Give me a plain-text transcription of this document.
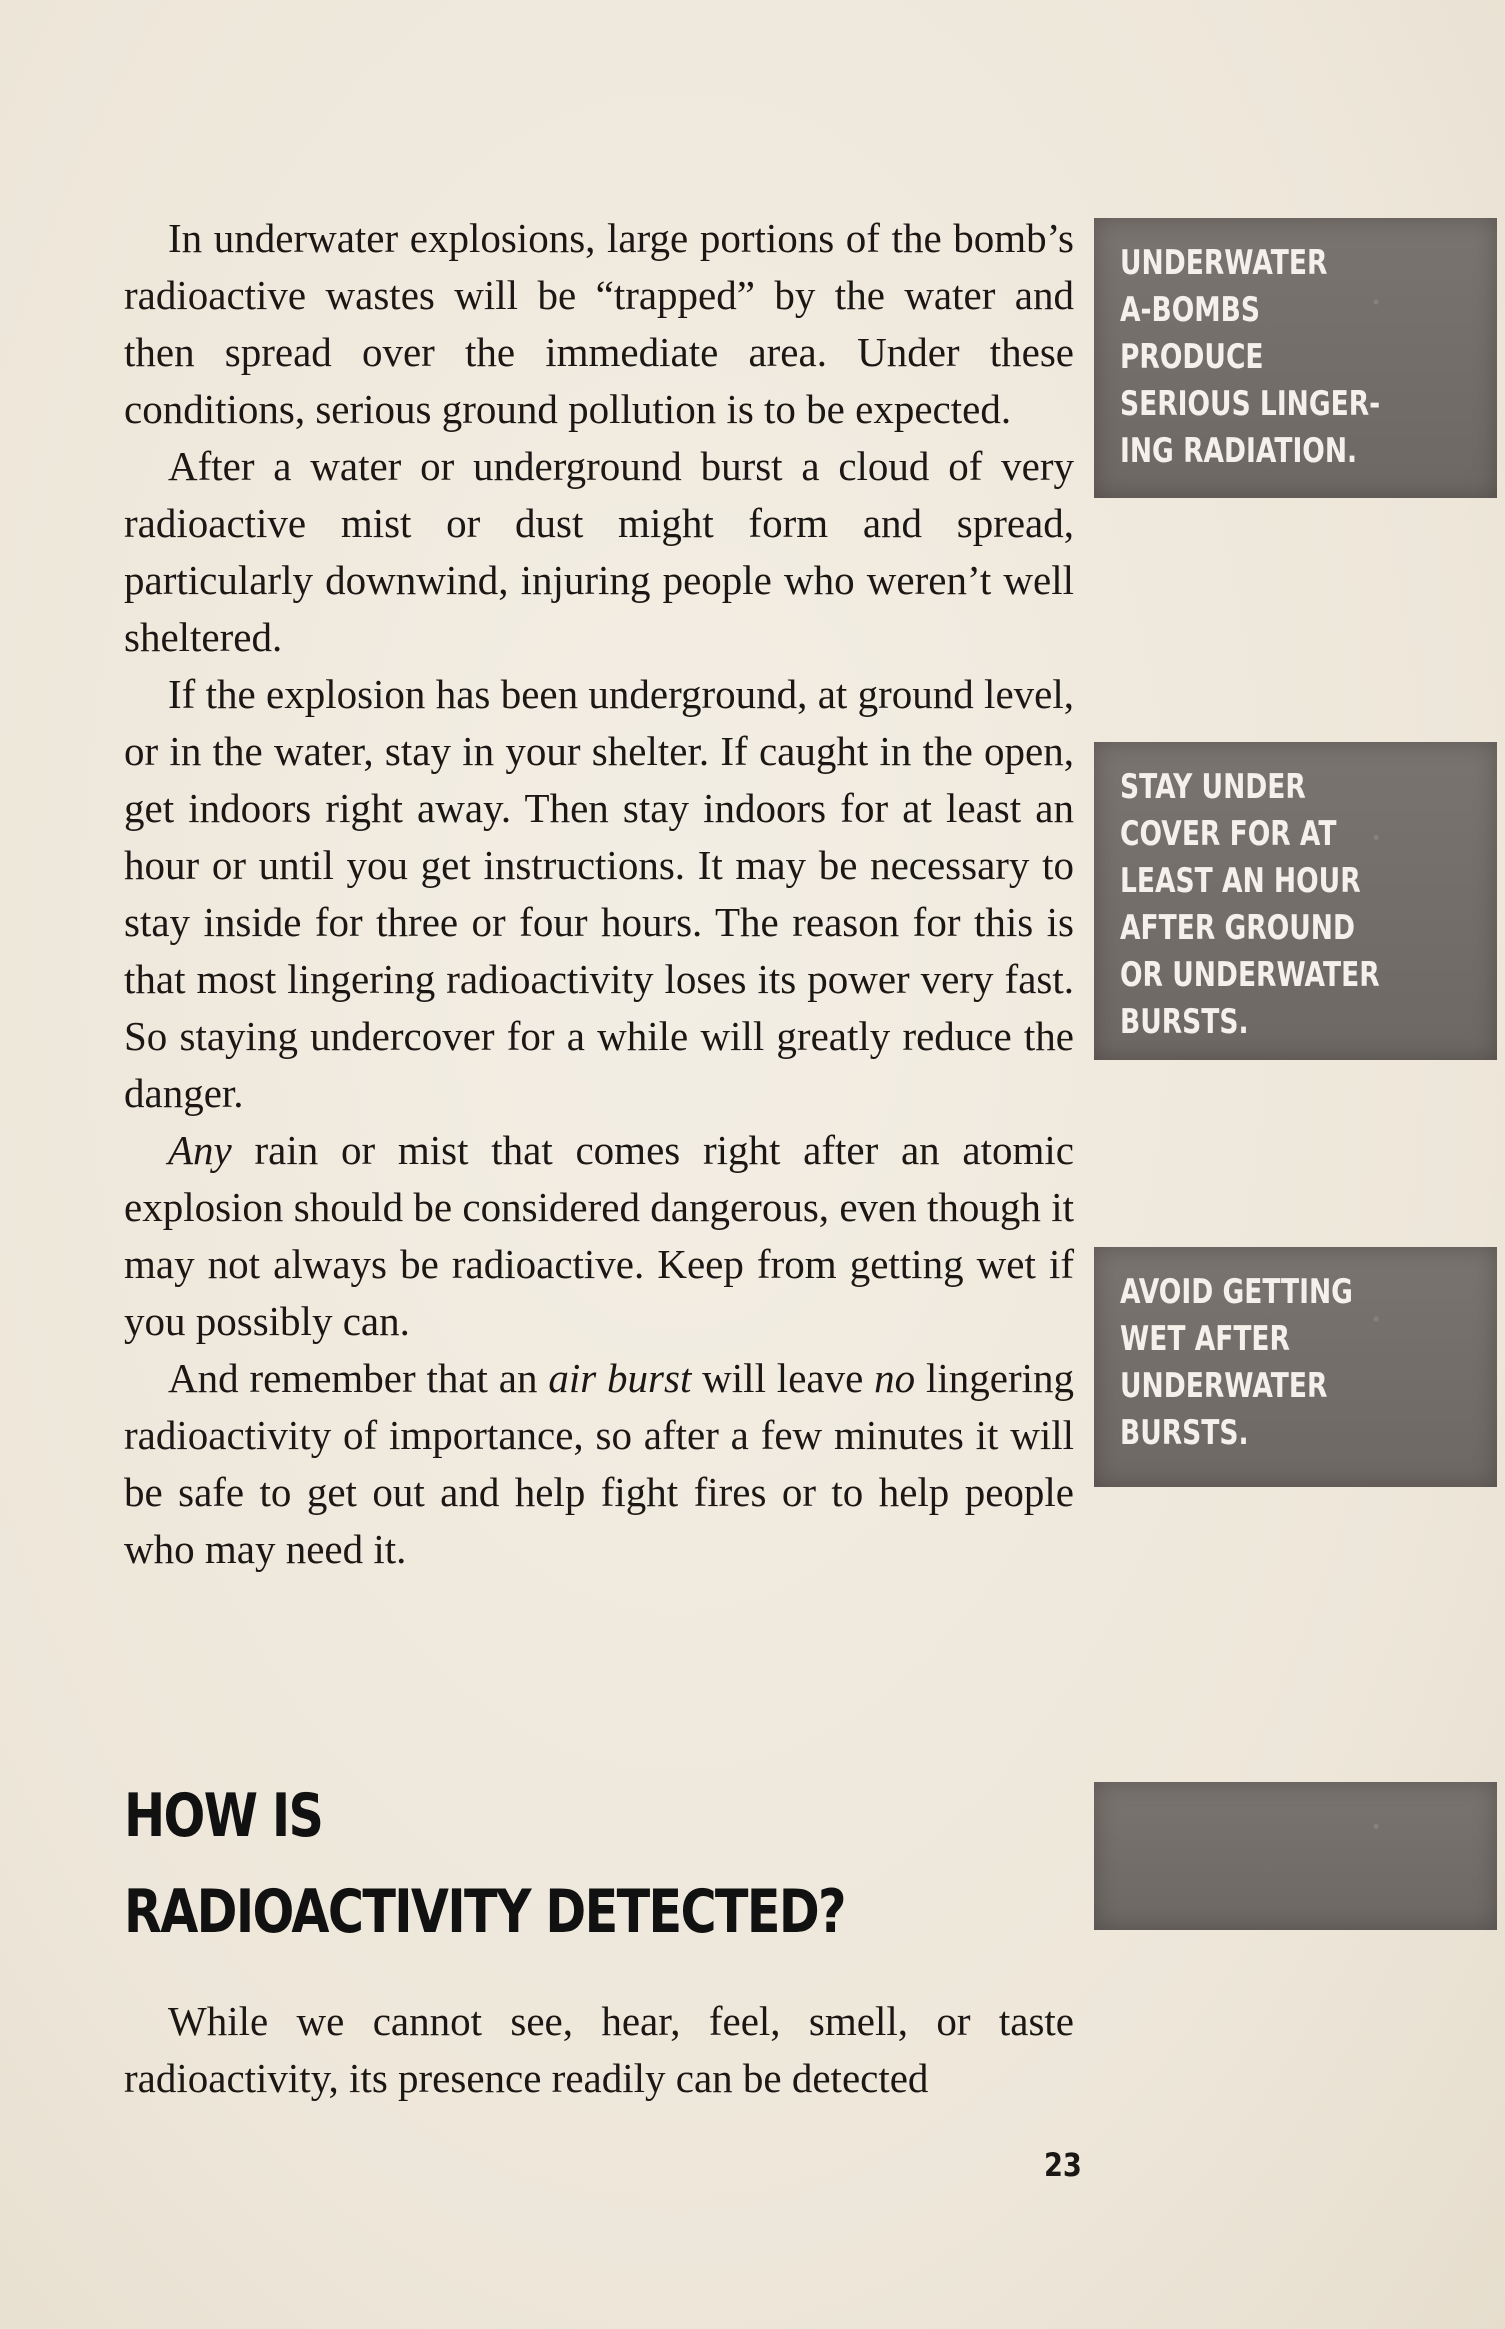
In underwater explosions, large portions of the bomb’s radioactive wastes will be “trapped” by the water and then spread over the immediate area. Under these conditions, serious ground pollution is to be expected.

After a water or underground burst a cloud of very radioactive mist or dust might form and spread, particularly downwind, injuring people who weren’t well sheltered.

If the explosion has been underground, at ground level, or in the water, stay in your shelter. If caught in the open, get indoors right away. Then stay indoors for at least an hour or until you get instructions. It may be necessary to stay inside for three or four hours. The reason for this is that most lingering radioactivity loses its power very fast. So staying undercover for a while will greatly reduce the danger.

Any rain or mist that comes right after an atomic explosion should be considered dangerous, even though it may not always be radioactive. Keep from getting wet if you possibly can.

And remember that an air burst will leave no lingering radioactivity of importance, so after a few minutes it will be safe to get out and help fight fires or to help people who may need it.

HOW IS
RADIOACTIVITY DETECTED?

While we cannot see, hear, feel, smell, or taste radioactivity, its presence readily can be detected

UNDERWATER
A-BOMBS
PRODUCE
SERIOUS LINGER-
ING RADIATION.
STAY UNDER
COVER FOR AT
LEAST AN HOUR
AFTER GROUND
OR UNDERWATER
BURSTS.
AVOID GETTING
WET AFTER
UNDERWATER
BURSTS.
23
